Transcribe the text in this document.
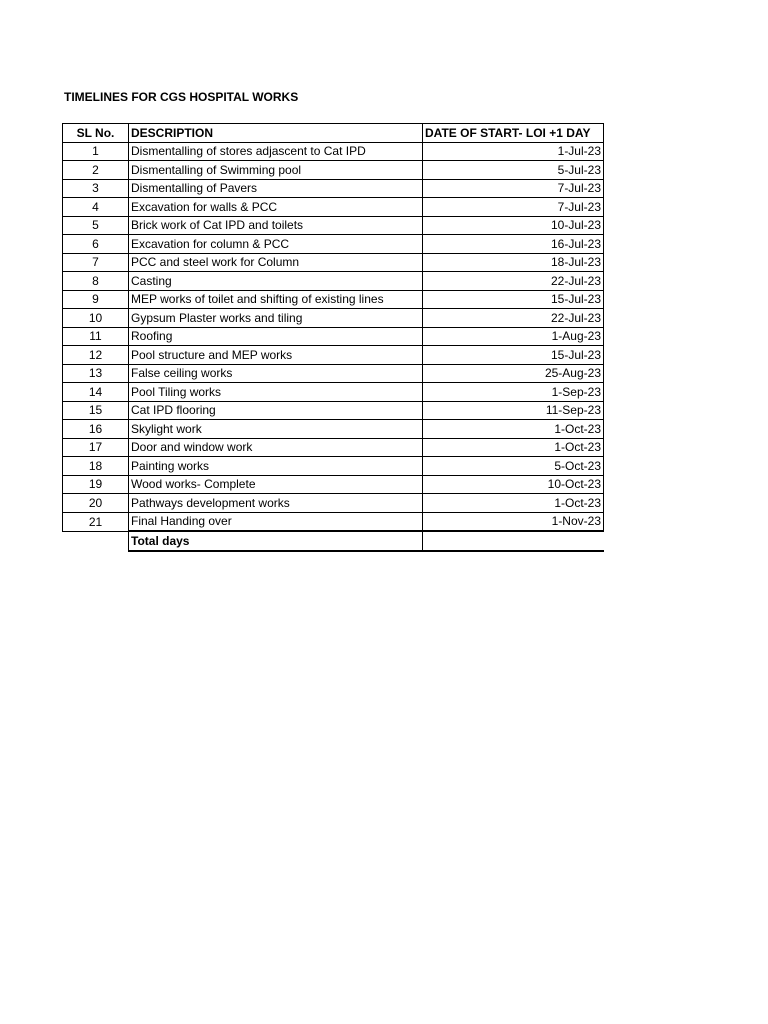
TIMELINES FOR CGS HOSPITAL WORKS
SL No.	DESCRIPTION	DATE OF START- LOI +1 DAY
1	Dismentalling of stores adjascent to Cat IPD	1-Jul-23
2	Dismentalling of Swimming pool	5-Jul-23
3	Dismentalling of Pavers	7-Jul-23
4	Excavation for walls & PCC	7-Jul-23
5	Brick work of Cat IPD and toilets	10-Jul-23
6	Excavation for column & PCC	16-Jul-23
7	PCC and steel work for Column	18-Jul-23
8	Casting	22-Jul-23
9	MEP works of toilet and shifting of existing lines	15-Jul-23
10	Gypsum Plaster works and tiling	22-Jul-23
11	Roofing	1-Aug-23
12	Pool structure and MEP works	15-Jul-23
13	False ceiling works	25-Aug-23
14	Pool Tiling works	1-Sep-23
15	Cat IPD flooring	11-Sep-23
16	Skylight work	1-Oct-23
17	Door and window work	1-Oct-23
18	Painting works	5-Oct-23
19	Wood works- Complete	10-Oct-23
20	Pathways development works	1-Oct-23
21	Final Handing over	1-Nov-23
	Total days	
